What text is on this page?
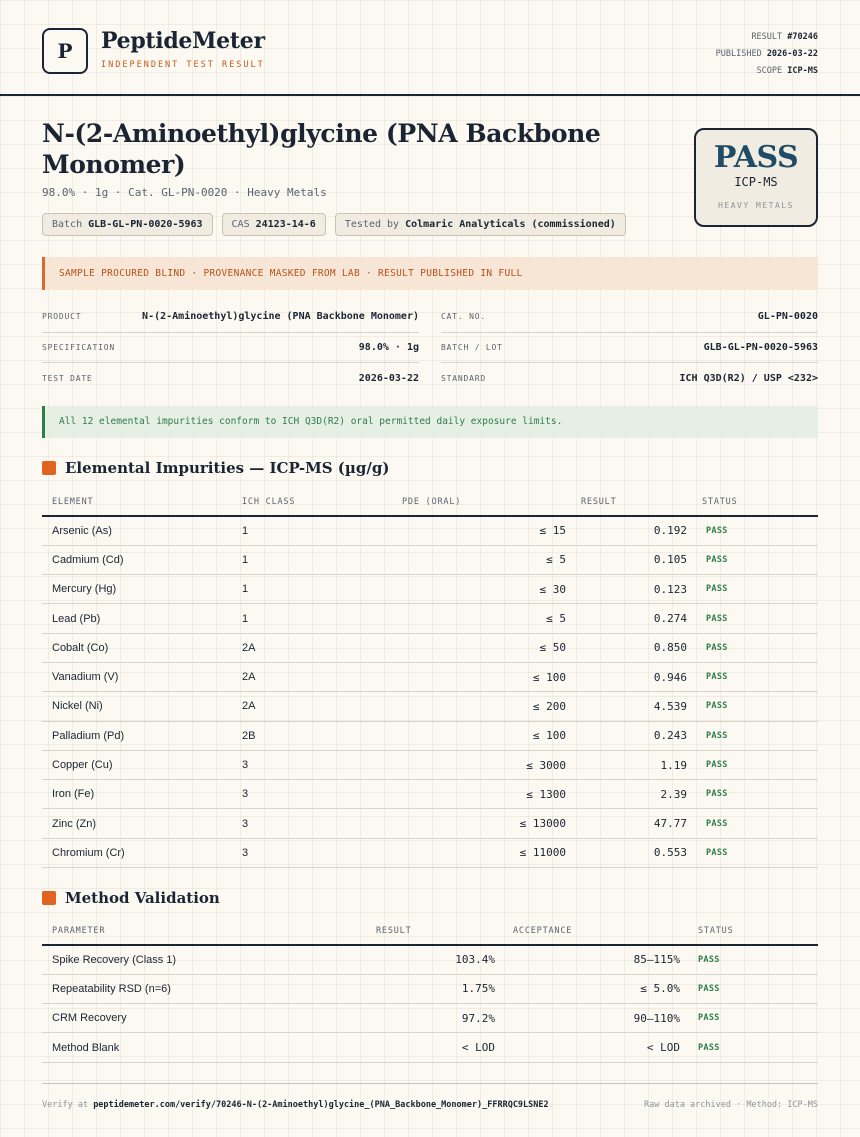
P PeptideMeter
INDEPENDENT TEST RESULT
RESULT #70246
PUBLISHED 2026-03-22
SCOPE ICP-MS
N-(2-Aminoethyl)glycine (PNA Backbone Monomer)
98.0% · 1g · Cat. GL-PN-0020 · Heavy Metals
Batch GLB-GL-PN-0020-5963	CAS 24123-14-6	Tested by Colmaric Analyticals (commissioned)
PASS
ICP-MS
HEAVY METALS
SAMPLE PROCURED BLIND · PROVENANCE MASKED FROM LAB · RESULT PUBLISHED IN FULL
PRODUCT	N-(2-Aminoethyl)glycine (PNA Backbone Monomer)
SPECIFICATION	98.0% · 1g
TEST DATE	2026-03-22
CAT. NO.	GL-PN-0020
BATCH / LOT	GLB-GL-PN-0020-5963
STANDARD	ICH Q3D(R2) / USP <232>
All 12 elemental impurities conform to ICH Q3D(R2) oral permitted daily exposure limits.
Elemental Impurities — ICP-MS (µg/g)
ELEMENT	ICH CLASS	PDE (ORAL)	RESULT	STATUS
Arsenic (As)	1	≤ 15	0.192	PASS
Cadmium (Cd)	1	≤ 5	0.105	PASS
Mercury (Hg)	1	≤ 30	0.123	PASS
Lead (Pb)	1	≤ 5	0.274	PASS
Cobalt (Co)	2A	≤ 50	0.850	PASS
Vanadium (V)	2A	≤ 100	0.946	PASS
Nickel (Ni)	2A	≤ 200	4.539	PASS
Palladium (Pd)	2B	≤ 100	0.243	PASS
Copper (Cu)	3	≤ 3000	1.19	PASS
Iron (Fe)	3	≤ 1300	2.39	PASS
Zinc (Zn)	3	≤ 13000	47.77	PASS
Chromium (Cr)	3	≤ 11000	0.553	PASS
Method Validation
PARAMETER	RESULT	ACCEPTANCE	STATUS
Spike Recovery (Class 1)	103.4%	85–115%	PASS
Repeatability RSD (n=6)	1.75%	≤ 5.0%	PASS
CRM Recovery	97.2%	90–110%	PASS
Method Blank	< LOD	< LOD	PASS
Verify at peptidemeter.com/verify/70246-N-(2-Aminoethyl)glycine_(PNA_Backbone_Monomer)_FFRRQC9LSNE2	Raw data archived · Method: ICP-MS
